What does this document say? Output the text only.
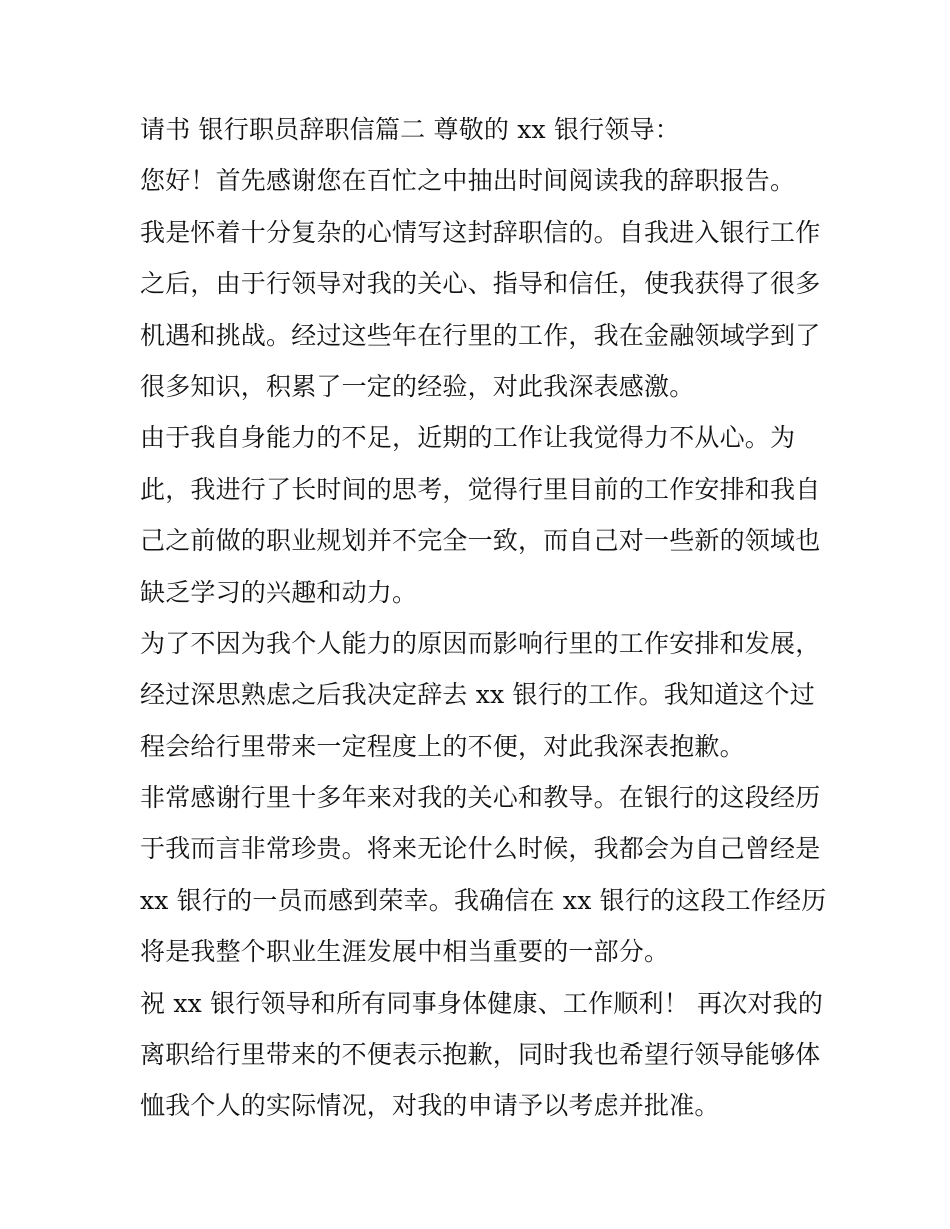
请书 银行职员辞职信篇二 尊敬的 xx 银行领导：
您好！首先感谢您在百忙之中抽出时间阅读我的辞职报告。
我是怀着十分复杂的心情写这封辞职信的。自我进入银行工作
之后，由于行领导对我的关心、指导和信任，使我获得了很多
机遇和挑战。经过这些年在行里的工作，我在金融领域学到了
很多知识，积累了一定的经验，对此我深表感激。
由于我自身能力的不足，近期的工作让我觉得力不从心。为
此，我进行了长时间的思考，觉得行里目前的工作安排和我自
己之前做的职业规划并不完全一致，而自己对一些新的领域也
缺乏学习的兴趣和动力。
为了不因为我个人能力的原因而影响行里的工作安排和发展，
经过深思熟虑之后我决定辞去 xx 银行的工作。我知道这个过
程会给行里带来一定程度上的不便，对此我深表抱歉。
非常感谢行里十多年来对我的关心和教导。在银行的这段经历
于我而言非常珍贵。将来无论什么时候，我都会为自己曾经是
xx 银行的一员而感到荣幸。我确信在 xx 银行的这段工作经历
将是我整个职业生涯发展中相当重要的一部分。
祝 xx 银行领导和所有同事身体健康、工作顺利！ 再次对我的
离职给行里带来的不便表示抱歉，同时我也希望行领导能够体
恤我个人的实际情况，对我的申请予以考虑并批准。
